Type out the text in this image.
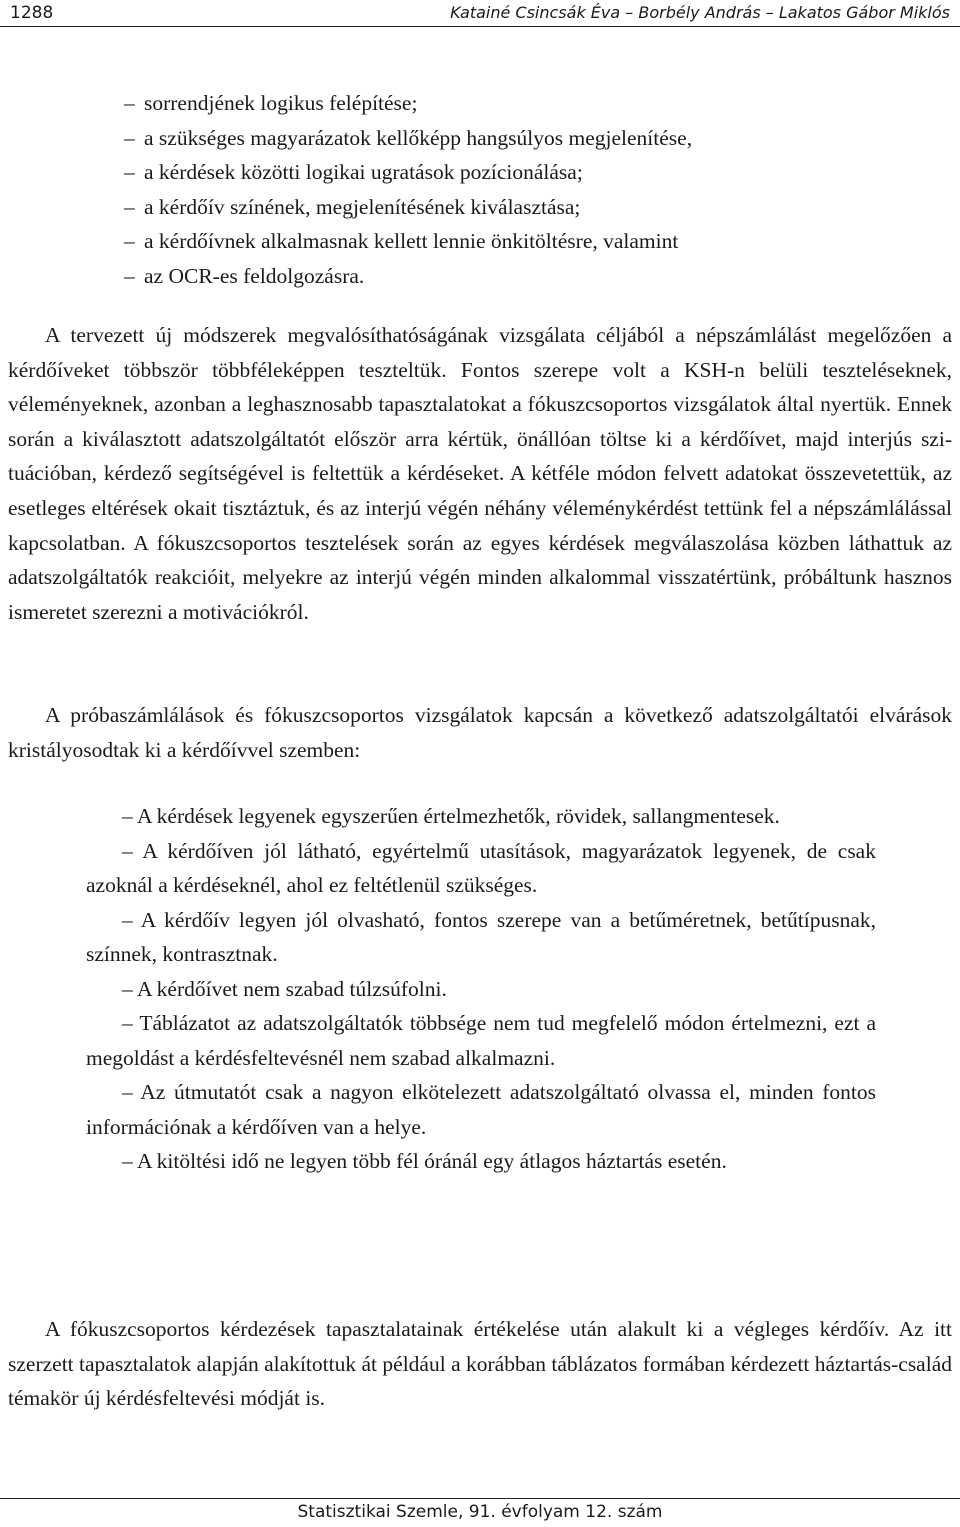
1288	Katainé Csincsák Éva – Borbély András – Lakatos Gábor Miklós
– sorrendjének logikus felépítése;
– a szükséges magyarázatok kellőképp hangsúlyos megjelenítése,
– a kérdések közötti logikai ugratások pozícionálása;
– a kérdőív színének, megjelenítésének kiválasztása;
– a kérdőívnek alkalmasnak kellett lennie önkitöltésre, valamint
– az OCR-es feldolgozásra.
A tervezett új módszerek megvalósíthatóságának vizsgálata céljából a népszámlálást megelőzően a kérdőíveket többször többféleképpen teszteltük. Fontos szerepe volt a KSH-n belüli teszteléseknek, véleményeknek, azonban a leghasznosabb tapasztalatokat a fókuszcsoportos vizsgálatok által nyertük. Ennek során a kiválasztott adatszolgáltatót először arra kértük, önállóan töltse ki a kérdőívet, majd interjús szituációban, kérdező segítségével is feltettük a kérdéseket. A kétféle módon felvett adatokat összevetettük, az esetleges eltérések okait tisztáztuk, és az interjú végén néhány véleménykérdést tettünk fel a népszámlálással kapcsolatban. A fókuszcsoportos tesztelések során az egyes kérdések megválaszolása közben láthattuk az adatszolgáltatók reakcióit, melyekre az interjú végén minden alkalommal visszatértünk, próbáltunk hasznos ismeretet szerezni a motivációkról.
A próbaszámlálások és fókuszcsoportos vizsgálatok kapcsán a következő adatszolgáltatói elvárások kristályosodtak ki a kérdőívvel szemben:
– A kérdések legyenek egyszerűen értelmezhetők, rövidek, sallangmentesek.
– A kérdőíven jól látható, egyértelmű utasítások, magyarázatok legyenek, de csak azoknál a kérdéseknél, ahol ez feltétlenül szükséges.
– A kérdőív legyen jól olvasható, fontos szerepe van a betűméretnek, betűtípusnak, színnek, kontrasztnak.
– A kérdőívet nem szabad túlzsúfolni.
– Táblázatot az adatszolgáltatók többsége nem tud megfelelő módon értelmezni, ezt a megoldást a kérdésfeltevésnél nem szabad alkalmazni.
– Az útmutatót csak a nagyon elkötelezett adatszolgáltató olvassa el, minden fontos információnak a kérdőíven van a helye.
– A kitöltési idő ne legyen több fél óránál egy átlagos háztartás esetén.
A fókuszcsoportos kérdezések tapasztalatainak értékelése után alakult ki a végleges kérdőív. Az itt szerzett tapasztalatok alapján alakítottuk át például a korábban táblázatos formában kérdezett háztartás-család témakör új kérdésfeltevési módját is.
Statisztikai Szemle, 91. évfolyam 12. szám
